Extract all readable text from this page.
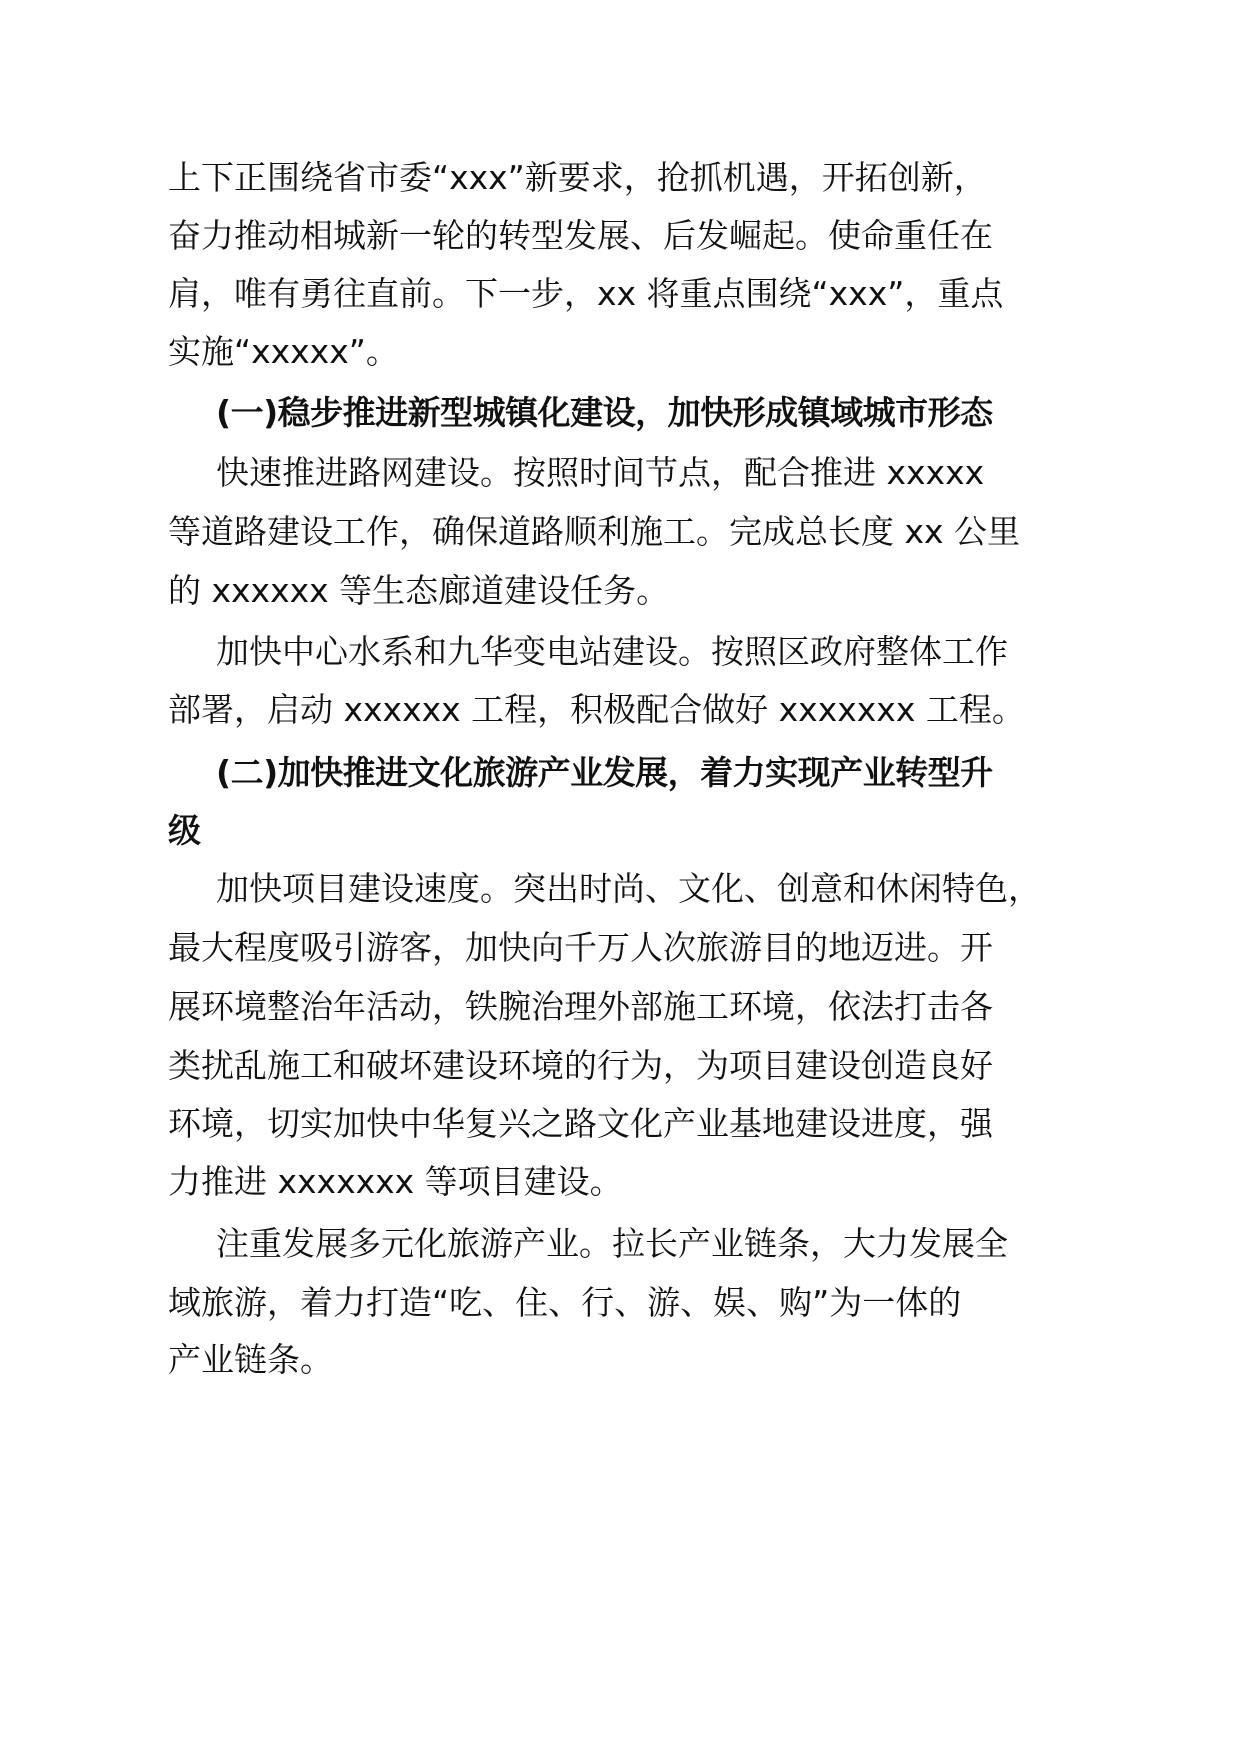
上下正围绕省市委“xxx”新要求，抢抓机遇，开拓创新，
奋力推动相城新一轮的转型发展、后发崛起。使命重任在
肩，唯有勇往直前。下一步，xx 将重点围绕“xxx”，重点
实施“xxxxx”。
(一)稳步推进新型城镇化建设，加快形成镇域城市形态
快速推进路网建设。按照时间节点，配合推进 xxxxx
等道路建设工作，确保道路顺利施工。完成总长度 xx 公里
的 xxxxxx 等生态廊道建设任务。
加快中心水系和九华变电站建设。按照区政府整体工作
部署，启动 xxxxxx 工程，积极配合做好 xxxxxxx 工程。
(二)加快推进文化旅游产业发展，着力实现产业转型升
级
加快项目建设速度。突出时尚、文化、创意和休闲特色，
最大程度吸引游客，加快向千万人次旅游目的地迈进。开
展环境整治年活动，铁腕治理外部施工环境，依法打击各
类扰乱施工和破坏建设环境的行为，为项目建设创造良好
环境，切实加快中华复兴之路文化产业基地建设进度，强
力推进 xxxxxxx 等项目建设。
注重发展多元化旅游产业。拉长产业链条，大力发展全
域旅游，着力打造“吃、住、行、游、娱、购”为一体的
产业链条。
